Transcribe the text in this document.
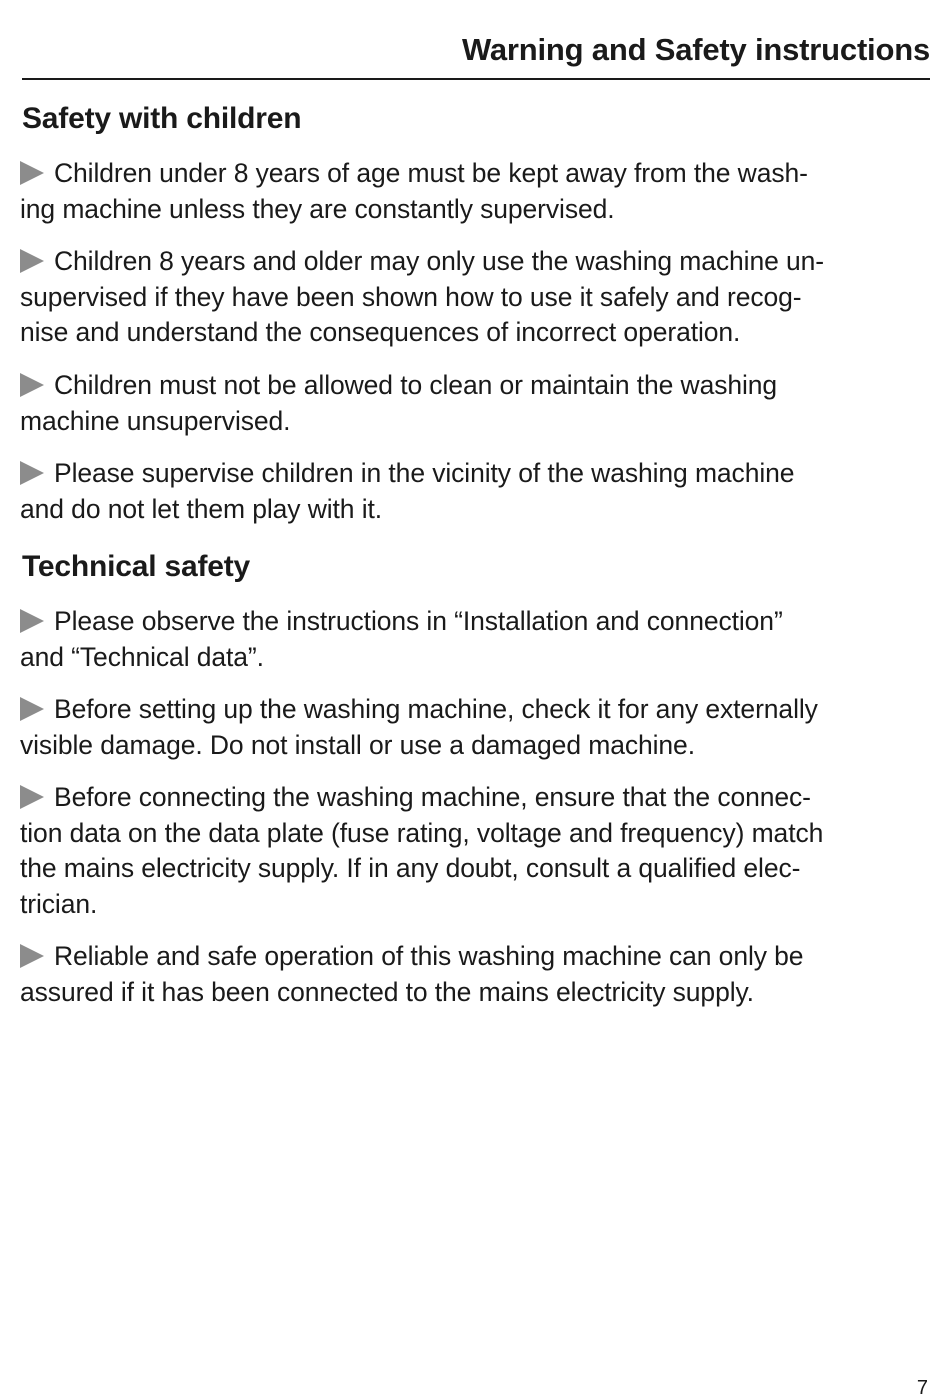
Warning and Safety instructions
Safety with children

Children under 8 years of age must be kept away from the wash-
ing machine unless they are constantly supervised.

Children 8 years and older may only use the washing machine un-
supervised if they have been shown how to use it safely and recog-
nise and understand the consequences of incorrect operation.

Children must not be allowed to clean or maintain the washing
machine unsupervised.

Please supervise children in the vicinity of the washing machine
and do not let them play with it.

Technical safety

Please observe the instructions in “Installation and connection”
and “Technical data”.

Before setting up the washing machine, check it for any externally
visible damage. Do not install or use a damaged machine.

Before connecting the washing machine, ensure that the connec-
tion data on the data plate (fuse rating, voltage and frequency) match
the mains electricity supply. If in any doubt, consult a qualified elec-
trician.

Reliable and safe operation of this washing machine can only be
assured if it has been connected to the mains electricity supply.

7
